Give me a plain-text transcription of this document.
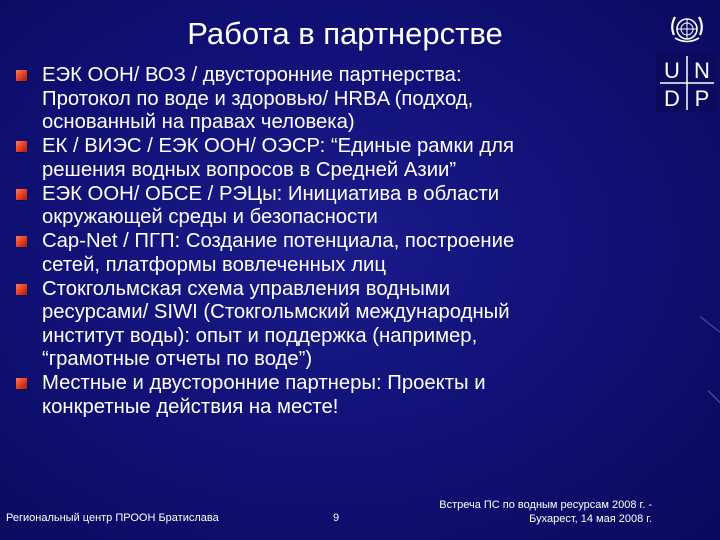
Работа в партнерстве
U N
D P
ЕЭК ООН/ ВОЗ / двусторонние партнерства:
Протокол по воде и здоровью/ HRBA (подход,
основанный на правах человека)
ЕК / ВИЭС / ЕЭК ООН/ ОЭСР: “Единые рамки для
решения водных вопросов в Средней Азии”
ЕЭК ООН/ ОБСЕ / РЭЦы: Инициатива в области
окружающей среды и безопасности
Cap-Net / ПГП: Создание потенциала, построение
сетей, платформы вовлеченных лиц
Стокгольмская схема управления водными
ресурсами/ SIWI (Стокгольмский международный
институт воды): опыт и поддержка (например,
“грамотные отчеты по воде”)
Местные и двусторонние партнеры: Проекты и
конкретные действия на месте!
Региональный центр ПРООН Братислава	9
Встреча ПС по водным ресурсам 2008 г. -
Бухарест, 14 мая 2008 г.
